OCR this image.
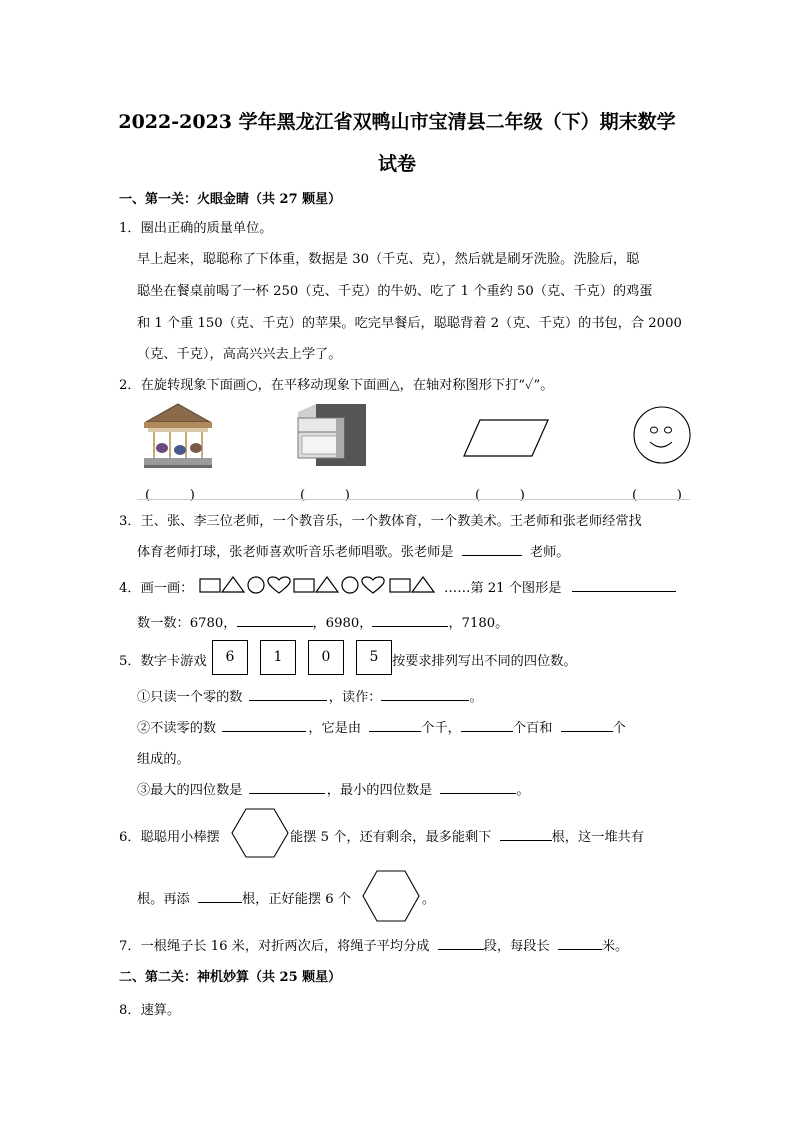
2022-2023 学年黑龙江省双鸭山市宝清县二年级（下）期末数学
试卷
一、第一关：火眼金睛（共 27 颗星）
1．圈出正确的质量单位。
早上起来，聪聪称了下体重，数据是 30（千克、克），然后就是刷牙洗脸。洗脸后，聪
聪坐在餐桌前喝了一杯 250（克、千克）的牛奶、吃了 1 个重约 50（克、千克）的鸡蛋
和 1 个重 150（克、千克）的苹果。吃完早餐后，聪聪背着 2（克、千克）的书包，合 2000
（克、千克），高高兴兴去上学了。
2．在旋转现象下面画○，在平移动现象下面画△，在轴对称图形下打“✓”。
(　　　)	(　　　)	(　　　)	(　　　)
3．王、张、李三位老师，一个教音乐，一个教体育，一个教美术。王老师和张老师经常找
体育老师打球，张老师喜欢听音乐老师唱歌。张老师是	老师。
4．画一画：	……第 21 个图形是
数一数：6780，	，6980，	，7180。
5．数字卡游戏	6	1	0	5	按要求排列写出不同的四位数。
①只读一个零的数	，读作：	。
②不读零的数	，它是由	个千，	个百和	个
组成的。
③最大的四位数是	，最小的四位数是	。
6．聪聪用小棒摆	能摆 5 个，还有剩余，最多能剩下	根，这一堆共有
根。再添	根，正好能摆 6 个	。
7．一根绳子长 16 米，对折两次后，将绳子平均分成	段，每段长	米。
二、第二关：神机妙算（共 25 颗星）
8．速算。
